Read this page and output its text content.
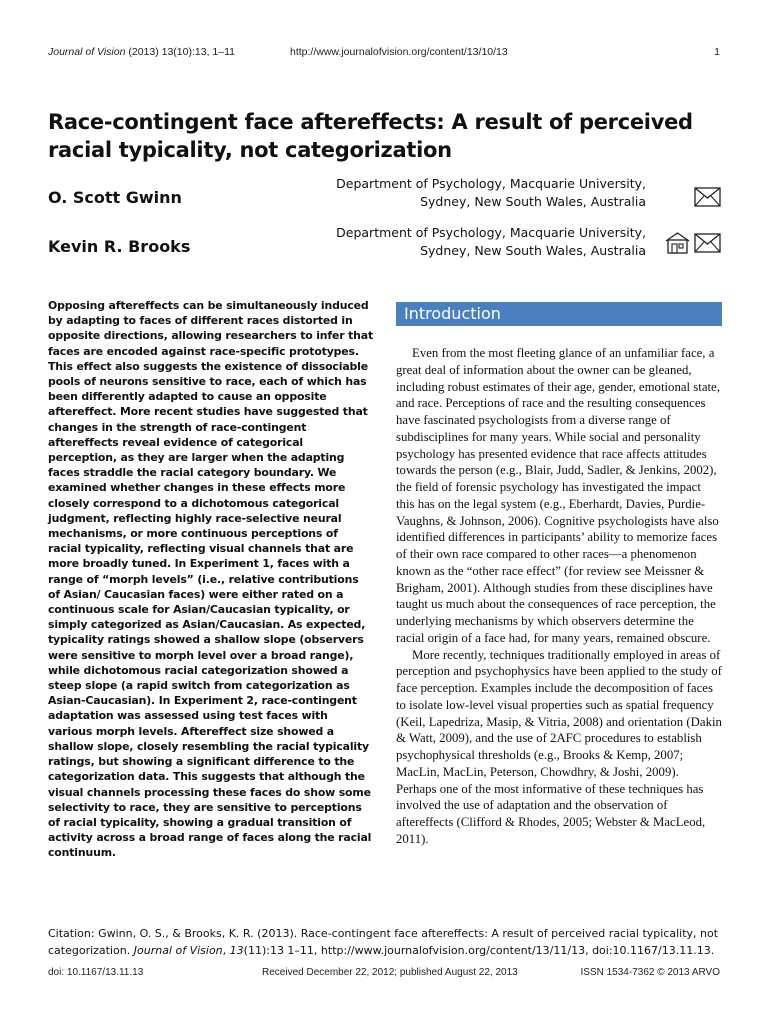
Journal of Vision (2013) 13(10):13, 1–11	http://www.journalofvision.org/content/13/10/13	1
Race-contingent face aftereffects: A result of perceived racial typicality, not categorization
O. Scott Gwinn
Department of Psychology, Macquarie University,
Sydney, New South Wales, Australia
Kevin R. Brooks
Department of Psychology, Macquarie University,
Sydney, New South Wales, Australia
Opposing aftereffects can be simultaneously induced by adapting to faces of different races distorted in opposite directions, allowing researchers to infer that faces are encoded against race-specific prototypes. This effect also suggests the existence of dissociable pools of neurons sensitive to race, each of which has been differently adapted to cause an opposite aftereffect. More recent studies have suggested that changes in the strength of race-contingent aftereffects reveal evidence of categorical perception, as they are larger when the adapting faces straddle the racial category boundary. We examined whether changes in these effects more closely correspond to a dichotomous categorical judgment, reflecting highly race-selective neural mechanisms, or more continuous perceptions of racial typicality, reflecting visual channels that are more broadly tuned. In Experiment 1, faces with a range of “morph levels” (i.e., relative contributions of Asian/ Caucasian faces) were either rated on a continuous scale for Asian/Caucasian typicality, or simply categorized as Asian/Caucasian. As expected, typicality ratings showed a shallow slope (observers were sensitive to morph level over a broad range), while dichotomous racial categorization showed a steep slope (a rapid switch from categorization as Asian-Caucasian). In Experiment 2, race-contingent adaptation was assessed using test faces with various morph levels. Aftereffect size showed a shallow slope, closely resembling the racial typicality ratings, but showing a significant difference to the categorization data. This suggests that although the visual channels processing these faces do show some selectivity to race, they are sensitive to perceptions of racial typicality, showing a gradual transition of activity across a broad range of faces along the racial continuum.
Introduction

Even from the most fleeting glance of an unfamiliar face, a great deal of information about the owner can be gleaned, including robust estimates of their age, gender, emotional state, and race. Perceptions of race and the resulting consequences have fascinated psychologists from a diverse range of subdisciplines for many years. While social and personality psychology has presented evidence that race affects attitudes towards the person (e.g., Blair, Judd, Sadler, & Jenkins, 2002), the field of forensic psychology has investigated the impact this has on the legal system (e.g., Eberhardt, Davies, Purdie-Vaughns, & Johnson, 2006). Cognitive psychologists have also identified differences in participants’ ability to memorize faces of their own race compared to other races—a phenomenon known as the “other race effect” (for review see Meissner & Brigham, 2001). Although studies from these disciplines have taught us much about the consequences of race perception, the underlying mechanisms by which observers determine the racial origin of a face had, for many years, remained obscure.

More recently, techniques traditionally employed in areas of perception and psychophysics have been applied to the study of face perception. Examples include the decomposition of faces to isolate low-level visual properties such as spatial frequency (Keil, Lapedriza, Masip, & Vitria, 2008) and orientation (Dakin & Watt, 2009), and the use of 2AFC procedures to establish psychophysical thresholds (e.g., Brooks & Kemp, 2007; MacLin, MacLin, Peterson, Chowdhry, & Joshi, 2009). Perhaps one of the most informative of these techniques has involved the use of adaptation and the observation of aftereffects (Clifford & Rhodes, 2005; Webster & MacLeod, 2011).

Citation: Gwinn, O. S., & Brooks, K. R. (2013). Race-contingent face aftereffects: A result of perceived racial typicality, not categorization. Journal of Vision, 13(11):13 1–11, http://www.journalofvision.org/content/13/11/13, doi:10.1167/13.11.13.
doi: 10.1167/13.11.13	Received December 22, 2012; published August 22, 2013	ISSN 1534-7362 © 2013 ARVO
